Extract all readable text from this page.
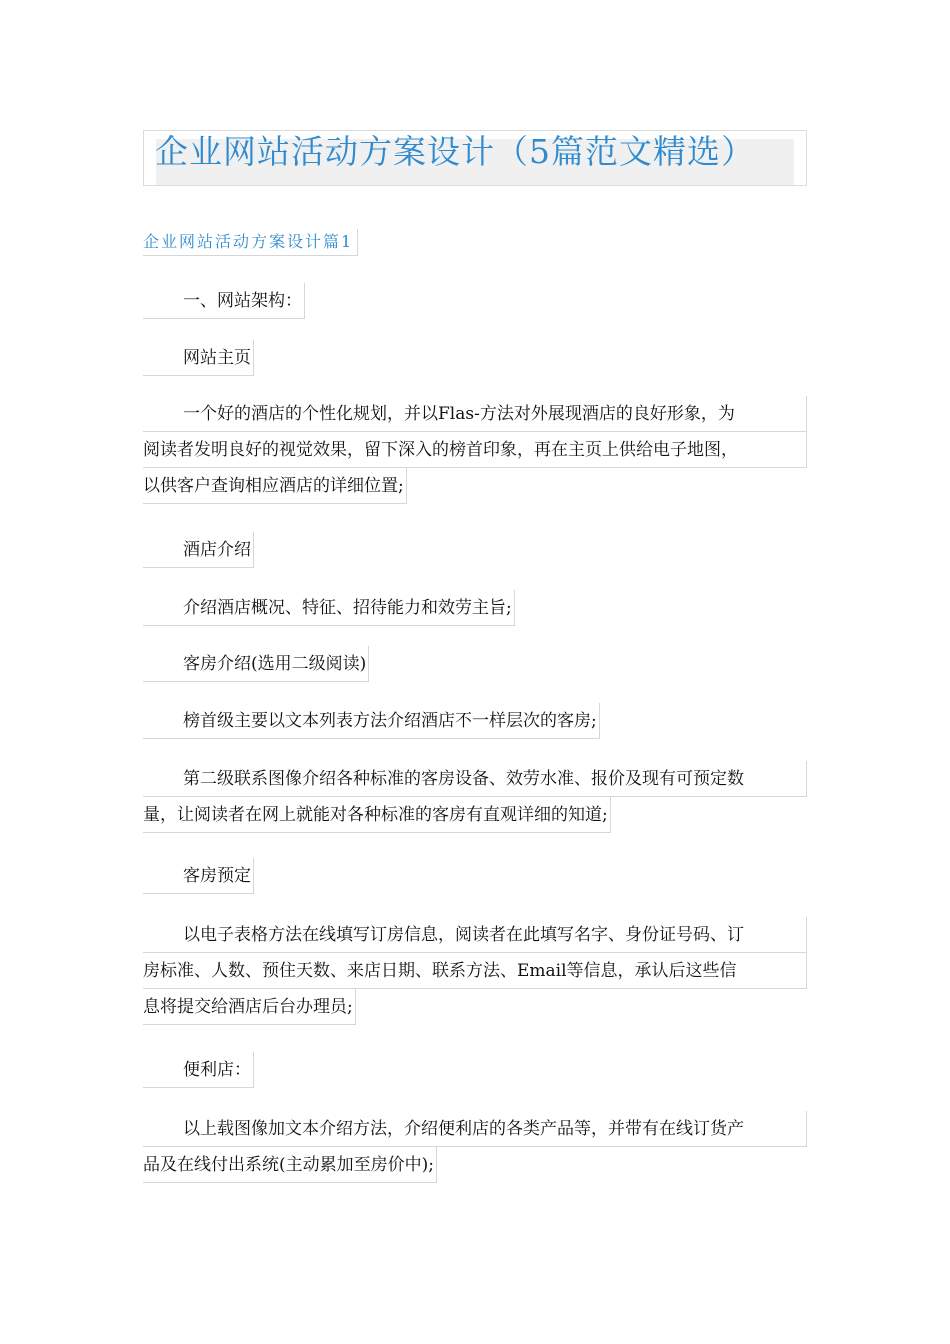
企业网站活动方案设计（5篇范文精选）
企业网站活动方案设计篇1
一、网站架构：
网站主页
一个好的酒店的个性化规划，并以Flas-方法对外展现酒店的良好形象，为
阅读者发明良好的视觉效果，留下深入的榜首印象，再在主页上供给电子地图，
以供客户查询相应酒店的详细位置;
酒店介绍
介绍酒店概况、特征、招待能力和效劳主旨;
客房介绍(选用二级阅读)
榜首级主要以文本列表方法介绍酒店不一样层次的客房;
第二级联系图像介绍各种标准的客房设备、效劳水准、报价及现有可预定数
量，让阅读者在网上就能对各种标准的客房有直观详细的知道;
客房预定
以电子表格方法在线填写订房信息，阅读者在此填写名字、身份证号码、订
房标准、人数、预住天数、来店日期、联系方法、Email等信息，承认后这些信
息将提交给酒店后台办理员;
便利店：
以上载图像加文本介绍方法，介绍便利店的各类产品等，并带有在线订货产
品及在线付出系统(主动累加至房价中);
